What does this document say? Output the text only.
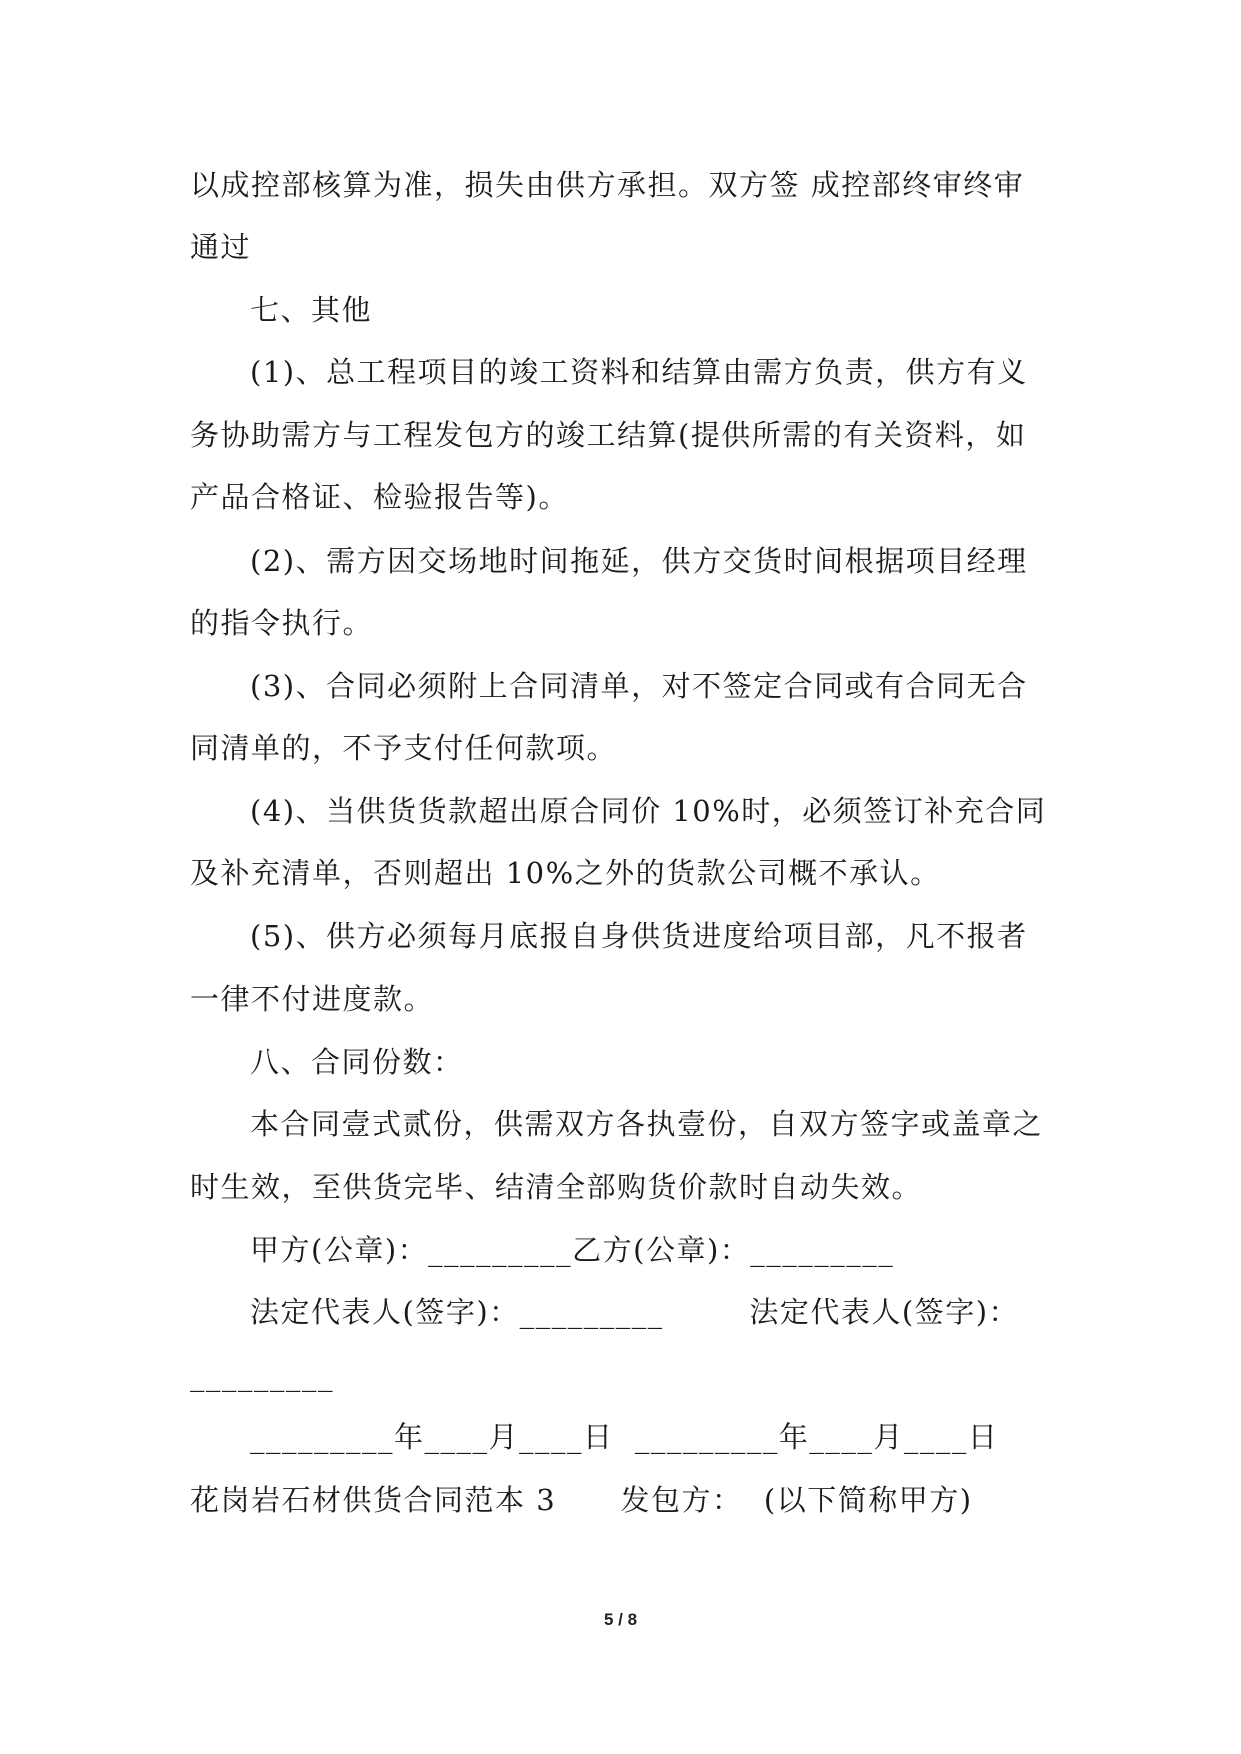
以成控部核算为准，损失由供方承担。双方签 成控部终审终审
通过
七、其他
(1)、总工程项目的竣工资料和结算由需方负责，供方有义
务协助需方与工程发包方的竣工结算(提供所需的有关资料，如
产品合格证、检验报告等)。
(2)、需方因交场地时间拖延，供方交货时间根据项目经理
的指令执行。
(3)、合同必须附上合同清单，对不签定合同或有合同无合
同清单的，不予支付任何款项。
(4)、当供货货款超出原合同价 10%时，必须签订补充合同
及补充清单，否则超出 10%之外的货款公司概不承认。
(5)、供方必须每月底报自身供货进度给项目部，凡不报者
一律不付进度款。
八、合同份数：
本合同壹式贰份，供需双方各执壹份，自双方签字或盖章之
时生效，至供货完毕、结清全部购货价款时自动失效。
甲方(公章)：_________乙方(公章)：_________
法定代表人(签字)：_________        法定代表人(签字)：
_________
_________年____月____日  _________年____月____日
花岗岩石材供货合同范本 3      发包方：  (以下简称甲方)
5 / 8
